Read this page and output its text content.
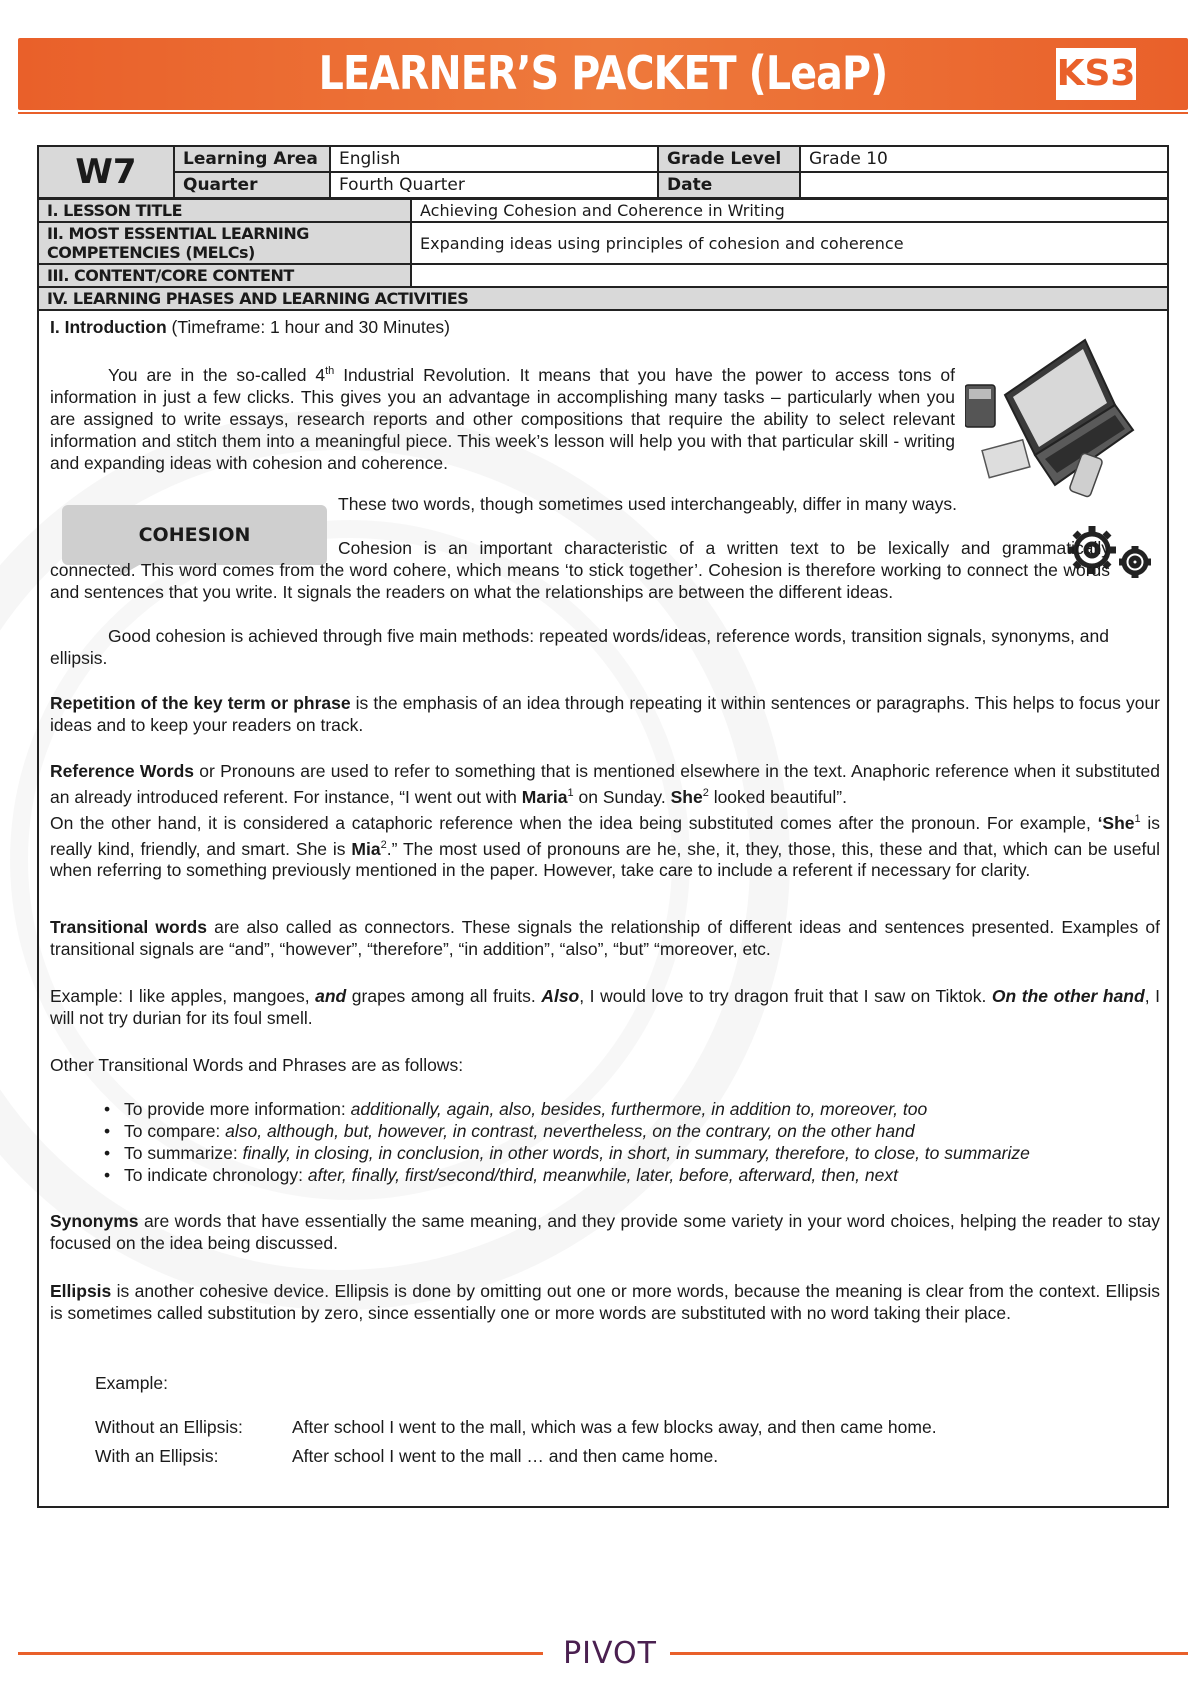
LEARNER’S PACKET (LeaP)	KS3
W7	Learning Area	English	Grade Level	Grade 10
	Quarter	Fourth Quarter	Date	
I. LESSON TITLE	Achieving Cohesion and Coherence in Writing
II. MOST ESSENTIAL LEARNING COMPETENCIES (MELCs)	Expanding ideas using principles of cohesion and coherence
III. CONTENT/CORE CONTENT	
IV. LEARNING PHASES AND LEARNING ACTIVITIES	
I. Introduction (Timeframe: 1 hour and 30 Minutes)

You are in the so-called 4th Industrial Revolution. It means that you have the power to access tons of information in just a few clicks. This gives you an advantage in accomplishing many tasks – particularly when you are assigned to write essays, research reports and other compositions that require the ability to select relevant information and stitch them into a meaningful piece. This week’s lesson will help you with that particular skill - writing and expanding ideas with cohesion and coherence.

COHESION

These two words, though sometimes used interchangeably, differ in many ways.

Cohesion is an important characteristic of a written text to be lexically and grammatically connected. This word comes from the word cohere, which means ‘to stick together’. Cohesion is therefore working to connect the words and sentences that you write. It signals the readers on what the relationships are between the different ideas.

Good cohesion is achieved through five main methods: repeated words/ideas, reference words, transition signals, synonyms, and ellipsis.

Repetition of the key term or phrase is the emphasis of an idea through repeating it within sentences or paragraphs. This helps to focus your ideas and to keep your readers on track.

Reference Words or Pronouns are used to refer to something that is mentioned elsewhere in the text. Anaphoric reference when it substituted an already introduced referent. For instance, “I went out with Maria$^1$ on Sunday. She$^2$ looked beautiful”.

On the other hand, it is considered a cataphoric reference when the idea being substituted comes after the pronoun. For example, ‘She$^1$ is really kind, friendly, and smart. She is Mia$^2$.” The most used of pronouns are he, she, it, they, those, this, these and that, which can be useful when referring to something previously mentioned in the paper. However, take care to include a referent if necessary for clarity.

Transitional words are also called as connectors. These signals the relationship of different ideas and sentences presented. Examples of transitional signals are “and”, “however”, “therefore”, “in addition”, “also”, “but” “moreover, etc.
Example: I like apples, mangoes, and grapes among all fruits. Also, I would love to try dragon fruit that I saw on Tiktok. On the other hand, I will not try durian for its foul smell.
Other Transitional Words and Phrases are as follows:
• To provide more information: additionally, again, also, besides, furthermore, in addition to, moreover, too
• To compare: also, although, but, however, in contrast, nevertheless, on the contrary, on the other hand
• To summarize: finally, in closing, in conclusion, in other words, in short, in summary, therefore, to close, to summarize
• To indicate chronology: after, finally, first/second/third, meanwhile, later, before, afterward, then, next
Synonyms are words that have essentially the same meaning, and they provide some variety in your word choices, helping the reader to stay focused on the idea being discussed.
Ellipsis is another cohesive device. Ellipsis is done by omitting out one or more words, because the meaning is clear from the context. Ellipsis is sometimes called substitution by zero, since essentially one or more words are substituted with no word taking their place.
Example:
Without an Ellipsis:	After school I went to the mall, which was a few blocks away, and then came home.
With an Ellipsis:	After school I went to the mall … and then came home.
PIVOT
